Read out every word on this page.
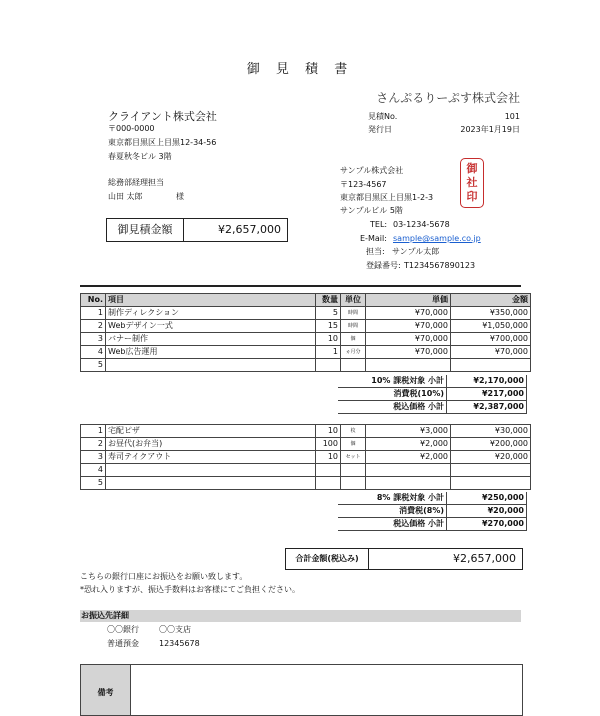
御 見 積 書
さんぷるりーぷす株式会社
クライアント株式会社
〒000-0000
東京都目黒区上目黒12-34-56
春夏秋冬ビル 3階
総務部経理担当
山田 太郎	様
見積No.	101
発行日	2023年1月19日
御見積金額	¥2,657,000
サンプル株式会社
〒123-4567
東京都目黒区上目黒1-2-3
サンプルビル 5階
TEL: 03-1234-5678
E-Mail: sample@sample.co.jp
担当: サンプル太郎
登録番号: T1234567890123
御
社
印
No.	項目	数量	単位	単価	金額
1	制作ディレクション	5	時間	¥70,000	¥350,000
2	Webデザイン一式	15	時間	¥70,000	¥1,050,000
3	バナー制作	10	個	¥70,000	¥700,000
4	Web広告運用	1	ヵ月分	¥70,000	¥70,000
5					
10% 課税対象 小計	¥2,170,000
消費税(10%)	¥217,000
税込価格 小計	¥2,387,000
1	宅配ピザ	10	枚	¥3,000	¥30,000
2	お昼代(お弁当)	100	個	¥2,000	¥200,000
3	寿司テイクアウト	10	セット	¥2,000	¥20,000
4					
5					
8% 課税対象 小計	¥250,000
消費税(8%)	¥20,000
税込価格 小計	¥270,000
合計金額(税込み)	¥2,657,000
こちらの銀行口座にお振込をお願い致します。
*恐れ入りますが、振込手数料はお客様にてご負担ください。
お振込先詳細
〇〇銀行	〇〇支店
普通預金	12345678
備考
